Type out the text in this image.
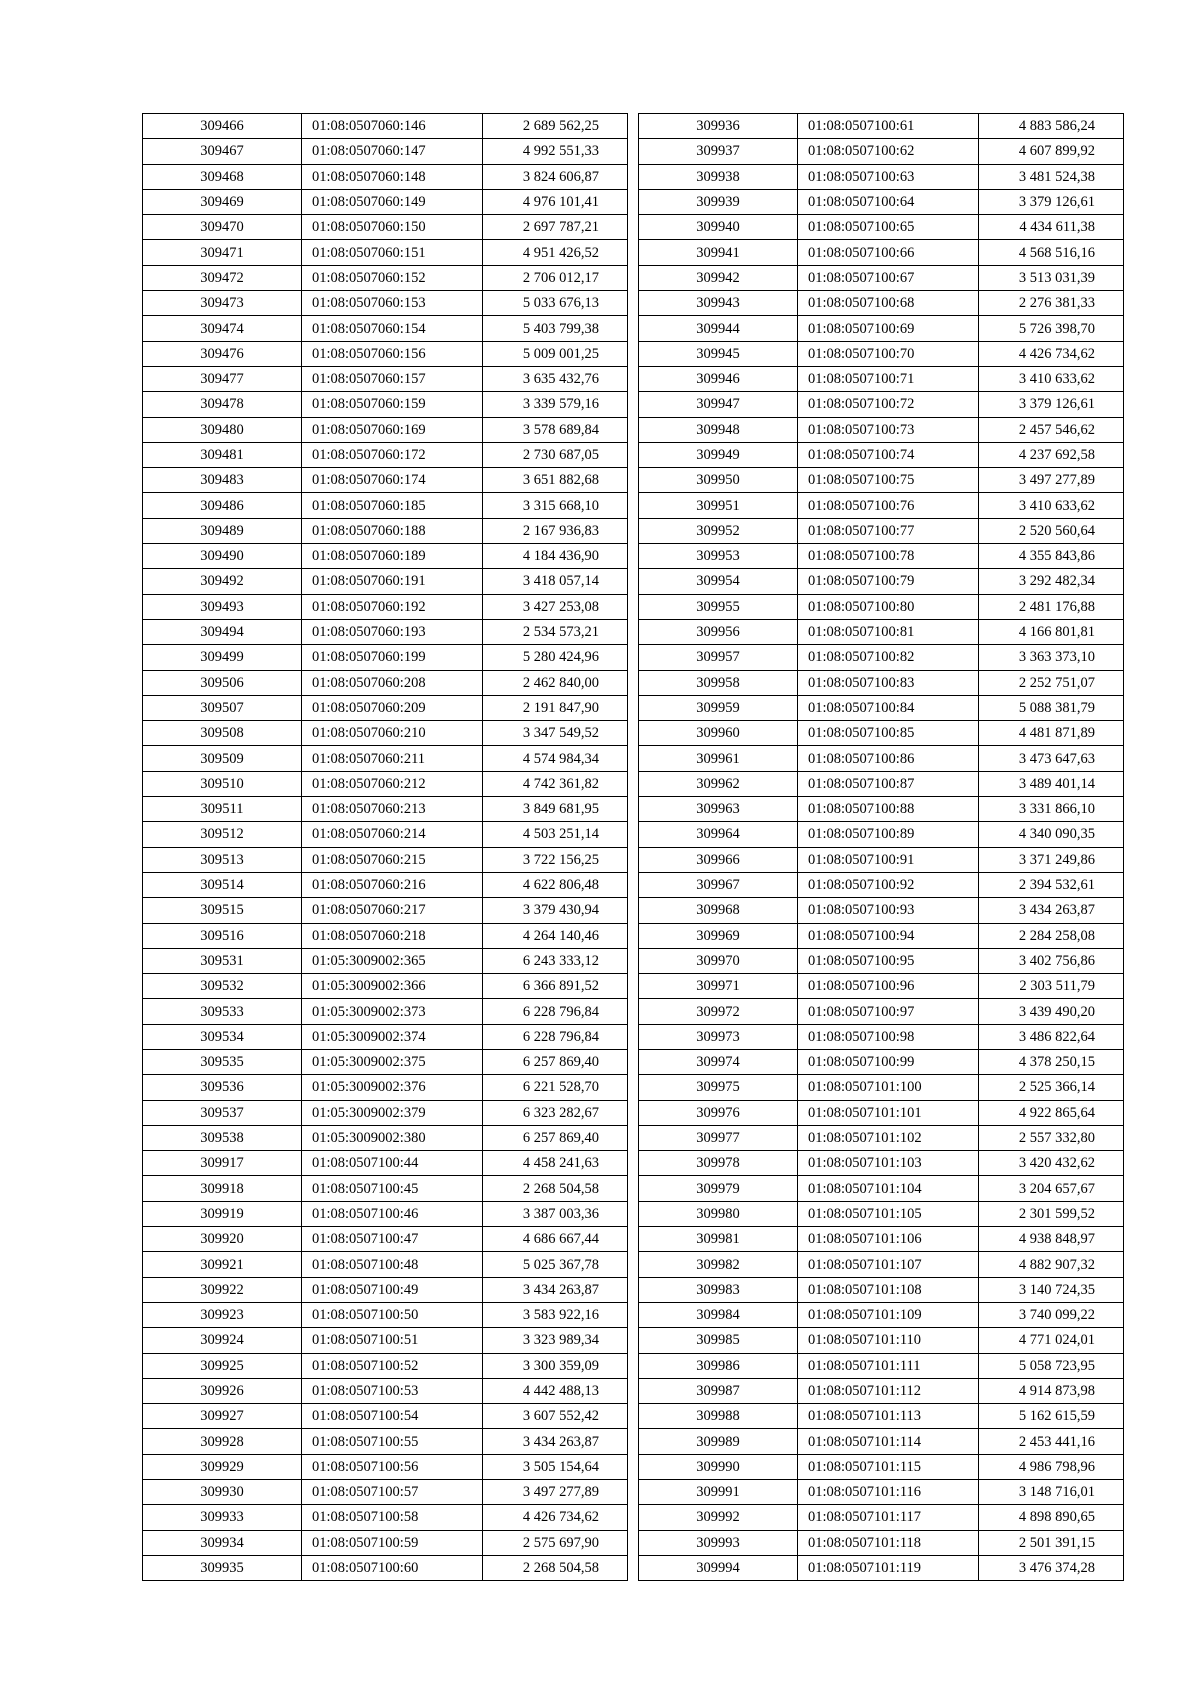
309466	01:08:0507060:146	2 689 562,25
309467	01:08:0507060:147	4 992 551,33
309468	01:08:0507060:148	3 824 606,87
309469	01:08:0507060:149	4 976 101,41
309470	01:08:0507060:150	2 697 787,21
309471	01:08:0507060:151	4 951 426,52
309472	01:08:0507060:152	2 706 012,17
309473	01:08:0507060:153	5 033 676,13
309474	01:08:0507060:154	5 403 799,38
309476	01:08:0507060:156	5 009 001,25
309477	01:08:0507060:157	3 635 432,76
309478	01:08:0507060:159	3 339 579,16
309480	01:08:0507060:169	3 578 689,84
309481	01:08:0507060:172	2 730 687,05
309483	01:08:0507060:174	3 651 882,68
309486	01:08:0507060:185	3 315 668,10
309489	01:08:0507060:188	2 167 936,83
309490	01:08:0507060:189	4 184 436,90
309492	01:08:0507060:191	3 418 057,14
309493	01:08:0507060:192	3 427 253,08
309494	01:08:0507060:193	2 534 573,21
309499	01:08:0507060:199	5 280 424,96
309506	01:08:0507060:208	2 462 840,00
309507	01:08:0507060:209	2 191 847,90
309508	01:08:0507060:210	3 347 549,52
309509	01:08:0507060:211	4 574 984,34
309510	01:08:0507060:212	4 742 361,82
309511	01:08:0507060:213	3 849 681,95
309512	01:08:0507060:214	4 503 251,14
309513	01:08:0507060:215	3 722 156,25
309514	01:08:0507060:216	4 622 806,48
309515	01:08:0507060:217	3 379 430,94
309516	01:08:0507060:218	4 264 140,46
309531	01:05:3009002:365	6 243 333,12
309532	01:05:3009002:366	6 366 891,52
309533	01:05:3009002:373	6 228 796,84
309534	01:05:3009002:374	6 228 796,84
309535	01:05:3009002:375	6 257 869,40
309536	01:05:3009002:376	6 221 528,70
309537	01:05:3009002:379	6 323 282,67
309538	01:05:3009002:380	6 257 869,40
309917	01:08:0507100:44	4 458 241,63
309918	01:08:0507100:45	2 268 504,58
309919	01:08:0507100:46	3 387 003,36
309920	01:08:0507100:47	4 686 667,44
309921	01:08:0507100:48	5 025 367,78
309922	01:08:0507100:49	3 434 263,87
309923	01:08:0507100:50	3 583 922,16
309924	01:08:0507100:51	3 323 989,34
309925	01:08:0507100:52	3 300 359,09
309926	01:08:0507100:53	4 442 488,13
309927	01:08:0507100:54	3 607 552,42
309928	01:08:0507100:55	3 434 263,87
309929	01:08:0507100:56	3 505 154,64
309930	01:08:0507100:57	3 497 277,89
309933	01:08:0507100:58	4 426 734,62
309934	01:08:0507100:59	2 575 697,90
309935	01:08:0507100:60	2 268 504,58
309936	01:08:0507100:61	4 883 586,24
309937	01:08:0507100:62	4 607 899,92
309938	01:08:0507100:63	3 481 524,38
309939	01:08:0507100:64	3 379 126,61
309940	01:08:0507100:65	4 434 611,38
309941	01:08:0507100:66	4 568 516,16
309942	01:08:0507100:67	3 513 031,39
309943	01:08:0507100:68	2 276 381,33
309944	01:08:0507100:69	5 726 398,70
309945	01:08:0507100:70	4 426 734,62
309946	01:08:0507100:71	3 410 633,62
309947	01:08:0507100:72	3 379 126,61
309948	01:08:0507100:73	2 457 546,62
309949	01:08:0507100:74	4 237 692,58
309950	01:08:0507100:75	3 497 277,89
309951	01:08:0507100:76	3 410 633,62
309952	01:08:0507100:77	2 520 560,64
309953	01:08:0507100:78	4 355 843,86
309954	01:08:0507100:79	3 292 482,34
309955	01:08:0507100:80	2 481 176,88
309956	01:08:0507100:81	4 166 801,81
309957	01:08:0507100:82	3 363 373,10
309958	01:08:0507100:83	2 252 751,07
309959	01:08:0507100:84	5 088 381,79
309960	01:08:0507100:85	4 481 871,89
309961	01:08:0507100:86	3 473 647,63
309962	01:08:0507100:87	3 489 401,14
309963	01:08:0507100:88	3 331 866,10
309964	01:08:0507100:89	4 340 090,35
309966	01:08:0507100:91	3 371 249,86
309967	01:08:0507100:92	2 394 532,61
309968	01:08:0507100:93	3 434 263,87
309969	01:08:0507100:94	2 284 258,08
309970	01:08:0507100:95	3 402 756,86
309971	01:08:0507100:96	2 303 511,79
309972	01:08:0507100:97	3 439 490,20
309973	01:08:0507100:98	3 486 822,64
309974	01:08:0507100:99	4 378 250,15
309975	01:08:0507101:100	2 525 366,14
309976	01:08:0507101:101	4 922 865,64
309977	01:08:0507101:102	2 557 332,80
309978	01:08:0507101:103	3 420 432,62
309979	01:08:0507101:104	3 204 657,67
309980	01:08:0507101:105	2 301 599,52
309981	01:08:0507101:106	4 938 848,97
309982	01:08:0507101:107	4 882 907,32
309983	01:08:0507101:108	3 140 724,35
309984	01:08:0507101:109	3 740 099,22
309985	01:08:0507101:110	4 771 024,01
309986	01:08:0507101:111	5 058 723,95
309987	01:08:0507101:112	4 914 873,98
309988	01:08:0507101:113	5 162 615,59
309989	01:08:0507101:114	2 453 441,16
309990	01:08:0507101:115	4 986 798,96
309991	01:08:0507101:116	3 148 716,01
309992	01:08:0507101:117	4 898 890,65
309993	01:08:0507101:118	2 501 391,15
309994	01:08:0507101:119	3 476 374,28
